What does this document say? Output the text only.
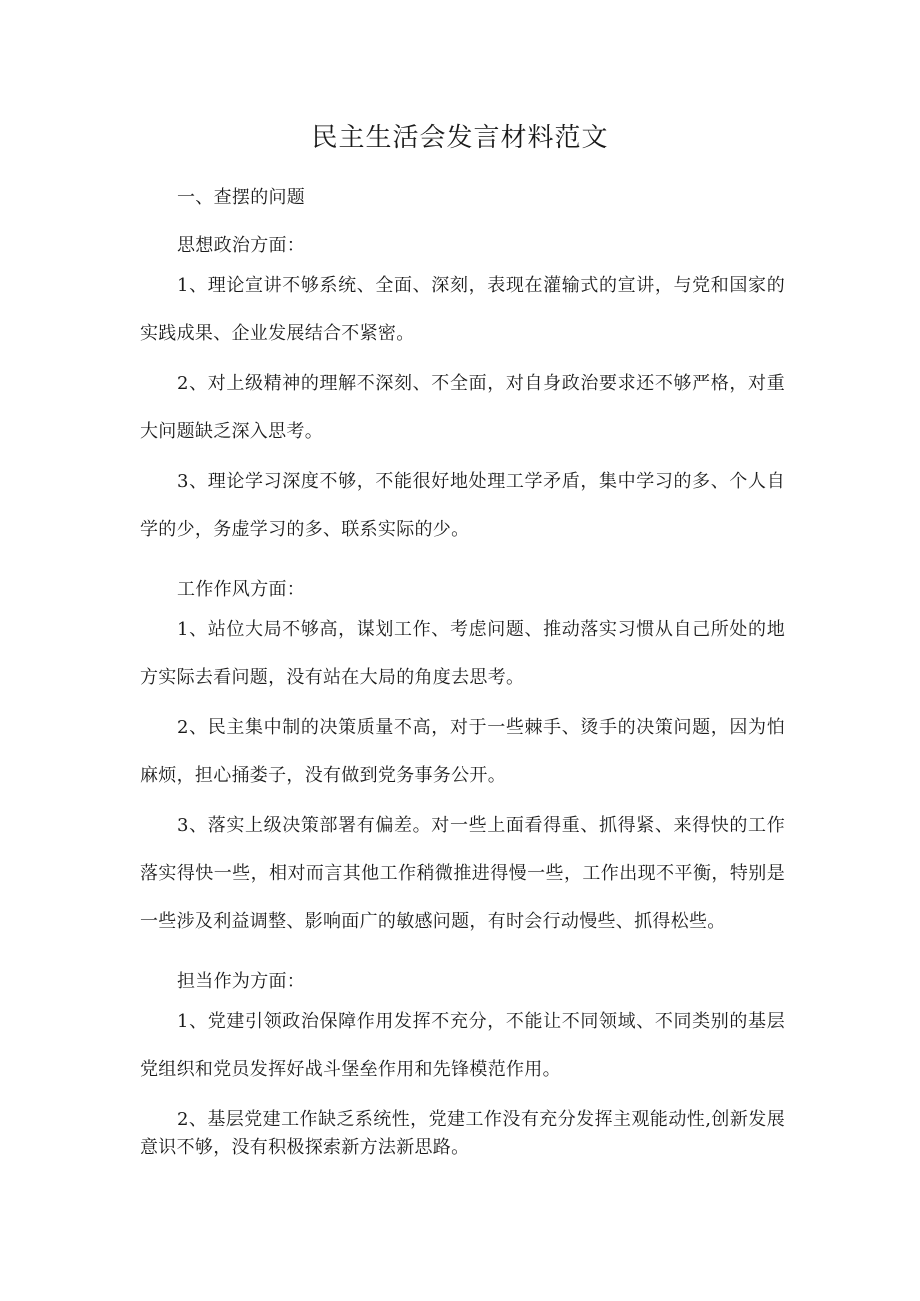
民主生活会发言材料范文

一、查摆的问题

思想政治方面：

1、理论宣讲不够系统、全面、深刻，表现在灌输式的宣讲，与党和国家的实践成果、企业发展结合不紧密。

2、对上级精神的理解不深刻、不全面，对自身政治要求还不够严格，对重大问题缺乏深入思考。

3、理论学习深度不够，不能很好地处理工学矛盾，集中学习的多、个人自学的少，务虚学习的多、联系实际的少。

工作作风方面：

1、站位大局不够高，谋划工作、考虑问题、推动落实习惯从自己所处的地方实际去看问题，没有站在大局的角度去思考。

2、民主集中制的决策质量不高，对于一些棘手、烫手的决策问题，因为怕麻烦，担心捅娄子，没有做到党务事务公开。

3、落实上级决策部署有偏差。对一些上面看得重、抓得紧、来得快的工作落实得快一些，相对而言其他工作稍微推进得慢一些，工作出现不平衡，特别是一些涉及利益调整、影响面广的敏感问题，有时会行动慢些、抓得松些。

担当作为方面：

1、党建引领政治保障作用发挥不充分，不能让不同领域、不同类别的基层党组织和党员发挥好战斗堡垒作用和先锋模范作用。

2、基层党建工作缺乏系统性，党建工作没有充分发挥主观能动性,创新发展意识不够，没有积极探索新方法新思路。
